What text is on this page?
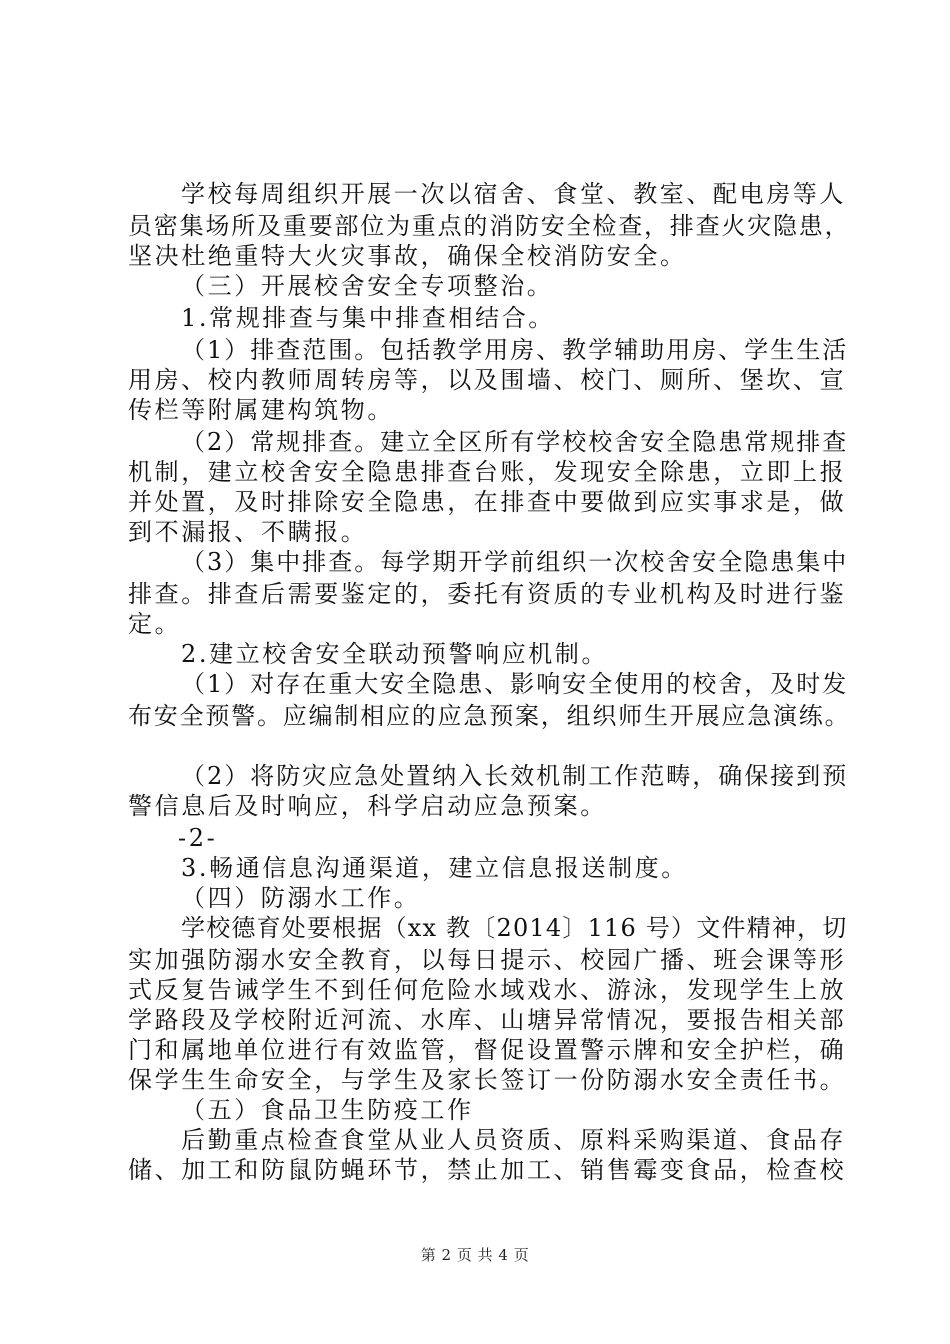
学校每周组织开展一次以宿舍、食堂、教室、配电房等人
员密集场所及重要部位为重点的消防安全检查，排查火灾隐患，
坚决杜绝重特大火灾事故，确保全校消防安全。
（三）开展校舍安全专项整治。
1.常规排查与集中排查相结合。
（1）排查范围。包括教学用房、教学辅助用房、学生生活
用房、校内教师周转房等，以及围墙、校门、厕所、堡坎、宣
传栏等附属建构筑物。
（2）常规排查。建立全区所有学校校舍安全隐患常规排查
机制，建立校舍安全隐患排查台账，发现安全除患，立即上报
并处置，及时排除安全隐患，在排查中要做到应实事求是，做
到不漏报、不瞒报。
（3）集中排查。每学期开学前组织一次校舍安全隐患集中
排查。排查后需要鉴定的，委托有资质的专业机构及时进行鉴
定。
2.建立校舍安全联动预警响应机制。
（1）对存在重大安全隐患、影响安全使用的校舍，及时发
布安全预警。应编制相应的应急预案，组织师生开展应急演练。
（2）将防灾应急处置纳入长效机制工作范畴，确保接到预
警信息后及时响应，科学启动应急预案。
-2-
3.畅通信息沟通渠道，建立信息报送制度。
（四）防溺水工作。
学校德育处要根据（xx 教〔2014〕116 号）文件精神，切
实加强防溺水安全教育，以每日提示、校园广播、班会课等形
式反复告诫学生不到任何危险水域戏水、游泳，发现学生上放
学路段及学校附近河流、水库、山塘异常情况，要报告相关部
门和属地单位进行有效监管，督促设置警示牌和安全护栏，确
保学生生命安全，与学生及家长签订一份防溺水安全责任书。
（五）食品卫生防疫工作
后勤重点检查食堂从业人员资质、原料采购渠道、食品存
储、加工和防鼠防蝇环节，禁止加工、销售霉变食品，检查校
第 2 页 共 4 页
